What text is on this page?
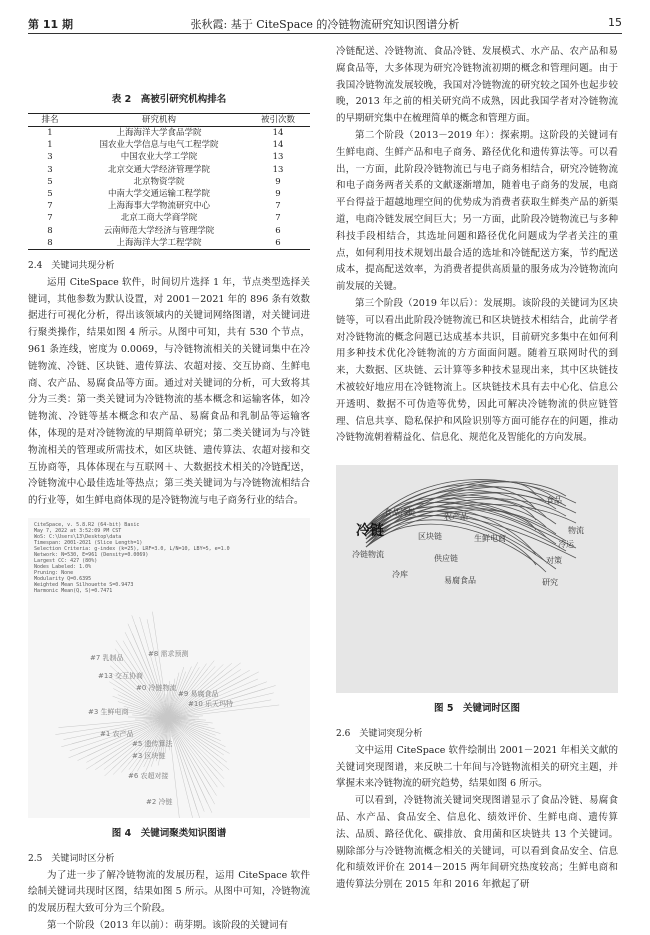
第 11 期	张秋霞: 基于 CiteSpace 的冷链物流研究知识图谱分析	15
表 2　高被引研究机构排名
排名	研究机构	被引次数
1	上海海洋大学食品学院	14
1	国农业大学信息与电气工程学院	14
3	中国农业大学工学院	13
3	北京交通大学经济管理学院	13
5	北京物资学院	9
5	中南大学交通运输工程学院	9
7	上海海事大学物流研究中心	7
7	北京工商大学商学院	7
8	云南师范大学经济与管理学院	6
8	上海海洋大学工程学院	6
2.4　关键词共现分析

运用 CiteSpace 软件，时间切片选择 1 年，节点类型选择关键词，其他参数为默认设置，对 2001－2021 年的 896 条有效数据进行可视化分析，得出该领域内的关键词网络图谱，对关键词进行聚类操作，结果如图 4 所示。从图中可知，共有 530 个节点，961 条连线，密度为 0.0069，与冷链物流相关的关键词集中在冷链物流、冷链、区块链、遗传算法、农超对接、交互协商、生鲜电商、农产品、易腐食品等方面。通过对关键词的分析，可大致将其分为三类：第一类关键词为冷链物流的基本概念和运输客体，如冷链物流、冷链等基本概念和农产品、易腐食品和乳制品等运输客体，体现的是对冷链物流的早期简单研究；第二类关键词为与冷链物流相关的管理或所需技术，如区块链、遗传算法、农超对接和交互协商等，具体体现在与互联网＋、大数据技术相关的冷链配送，冷链物流中心最佳选址等热点；第三类关键词为与冷链物流相结合的行业等，如生鲜电商体现的是冷链物流与电子商务行业的结合。

CiteSpace, v. 5.8.R2 (64-bit) Basic
May 7, 2022 at 3:52:09 PM CST
WoS: C:\Users\13\Desktop\data
Timespan: 2001-2021 (Slice Length=1)
Selection Criteria: g-index (k=25), LRF=3.0, L/N=10, LBY=5, e=1.0
Network: N=530, E=961 (Density=0.0069)
Largest CC: 427 (80%)
Nodes Labeled: 1.0%
Pruning: None
Modularity Q=0.6395
Weighted Mean Silhouette S=0.9473
Harmonic Mean(Q, S)=0.7471
#7 乳制品	#8 需求预测
#13 交互协商
#0 冷链物流
#9 易腐食品
#10 乐天玛特
#3 生鲜电商
#1 农产品
#5 遗传算法
#3 区块链
#6 农超对接
#2 冷链
图 4　关键词聚类知识图谱
2.5　关键词时区分析

为了进一步了解冷链物流的发展历程，运用 CiteSpace 软件绘制关键词共现时区图，结果如图 5 所示。从图中可知，冷链物流的发展历程大致可分为三个阶段。

第一个阶段（2013 年以前）：萌芽期。该阶段的关键词有

冷链配送、冷链物流、食品冷链、发展模式、水产品、农产品和易腐食品等，大多体现为研究冷链物流初期的概念和管理问题。由于我国冷链物流发展较晚，我国对冷链物流的研究较之国外也起步较晚，2013 年之前的相关研究尚不成熟，因此我国学者对冷链物流的早期研究集中在梳理简单的概念和管理方面。

第二个阶段（2013－2019 年）：探索期。这阶段的关键词有生鲜电商、生鲜产品和电子商务、路径优化和遗传算法等。可以看出，一方面，此阶段冷链物流已与电子商务相结合，研究冷链物流和电子商务两者关系的文献逐渐增加，随着电子商务的发展，电商平台得益于超越地理空间的优势成为消费者获取生鲜类产品的新渠道，电商冷链发展空间巨大；另一方面，此阶段冷链物流已与多种科技手段相结合，其选址问题和路径优化问题成为学者关注的重点，如何利用技术规划出最合适的选址和冷链配送方案，节约配送成本，提高配送效率，为消费者提供高质量的服务成为冷链物流向前发展的关键。

第三个阶段（2019 年以后）：发展期。该阶段的关键词为区块链等，可以看出此阶段冷链物流已和区块链技术相结合，此前学者对冷链物流的概念问题已达成基本共识，目前研究多集中在如何利用多种技术优化冷链物流的方方面面问题。随着互联网时代的到来，大数据、区块链、云计算等多种技术显现出来，其中区块链技术被较好地应用在冷链物流上。区块链技术具有去中心化、信息公开透明、数据不可伪造等优势，因此可解决冷链物流的供应链管理、信息共享、隐私保护和风险识别等方面可能存在的问题，推动冷链物流朝着精益化、信息化、规范化及智能化的方向发展。

冷链
食品冷链	农产品
冷链物流
区块链	生鲜电商
供应链
食品
物流
对策
冷库
易腐食品	研究
冷运
图 5　关键词时区图
2.6　关键词突现分析

文中运用 CiteSpace 软件绘制出 2001－2021 年相关文献的关键词突现图谱，来反映二十年间与冷链物流相关的研究主题，并掌握未来冷链物流的研究趋势，结果如图 6 所示。

可以看到，冷链物流关键词突现图谱显示了食品冷链、易腐食品、水产品、食品安全、信息化、绩效评价、生鲜电商、遗传算法、品质、路径优化、碳排放、食用菌和区块链共 13 个关键词。剔除部分与冷链物流概念相关的关键词，可以看到食品安全、信息化和绩效评价在 2014－2015 两年间研究热度较高；生鲜电商和遗传算法分别在 2015 年和 2016 年掀起了研
